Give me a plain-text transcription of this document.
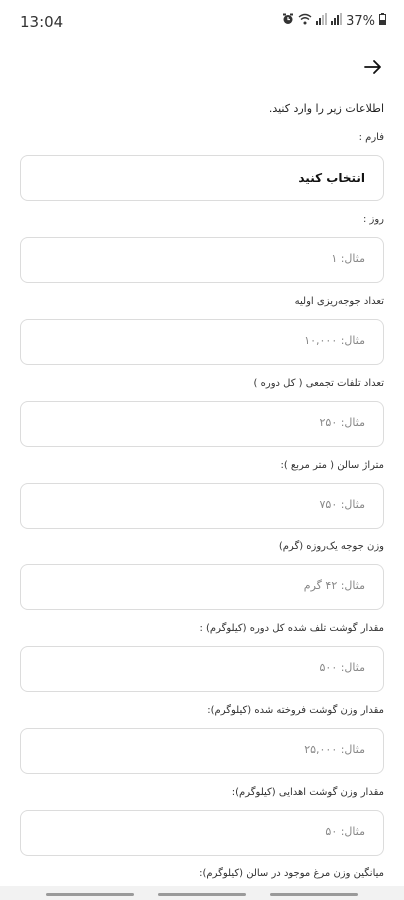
13:04	37%
اطلاعات زیر را وارد کنید.
فارم :
انتخاب کنید
روز :
مثال: ۱
تعداد جوجه‌ریزی اولیه
مثال: ۱۰,۰۰۰
تعداد تلفات تجمعی ( کل دوره )
مثال: ۲۵۰
متراژ سالن ( متر مربع ):
مثال: ۷۵۰
وزن جوجه یک‌روزه (گرم)
مثال: ۴۲ گرم
مقدار گوشت تلف شده کل دوره (کیلوگرم) :
مثال: ۵۰۰
مقدار وزن گوشت فروخته شده (کیلوگرم):
مثال: ۲۵,۰۰۰
مقدار وزن گوشت اهدایی (کیلوگرم):
مثال: ۵۰
میانگین وزن مرغ موجود در سالن (کیلوگرم):
